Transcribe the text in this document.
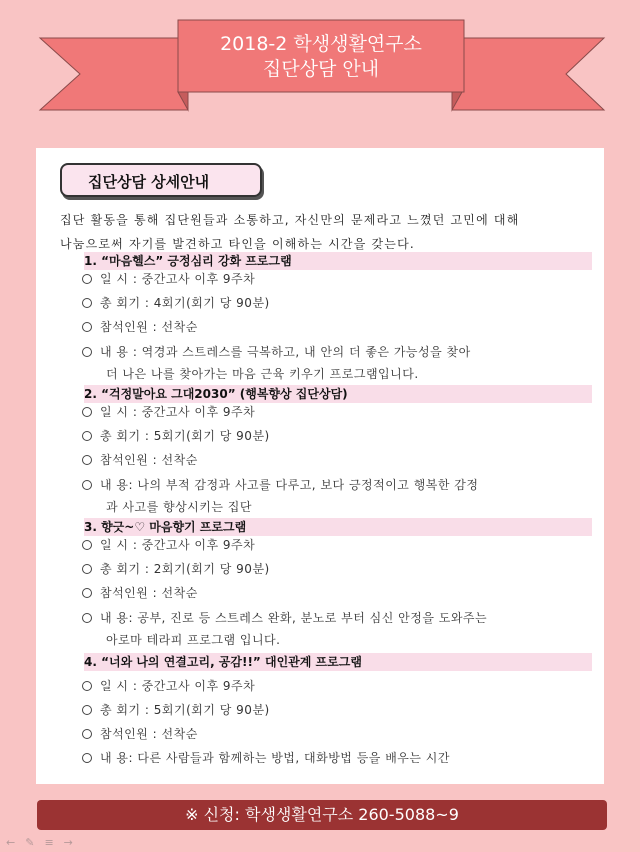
2018-2 학생생활연구소
집단상담 안내
집단상담 상세안내
집단 활동을 통해 집단원들과 소통하고, 자신만의 문제라고 느꼈던 고민에 대해
나눔으로써 자기를 발견하고 타인을 이해하는 시간을 갖는다.
1. “마음헬스” 긍정심리 강화 프로그램
일 시 : 중간고사 이후 9주차
총 회기 : 4회기(회기 당 90분)
참석인원 : 선착순
내 용 : 역경과 스트레스를 극복하고, 내 안의 더 좋은 가능성을 찾아
더 나은 나를 찾아가는 마음 근육 키우기 프로그램입니다.
2. “걱정말아요 그대2030” (행복향상 집단상담)
일 시 : 중간고사 이후 9주차
총 회기 : 5회기(회기 당 90분)
참석인원 : 선착순
내 용: 나의 부적 감정과 사고를 다루고, 보다 긍정적이고 행복한 감정
과 사고를 향상시키는 집단
3. 향긋~♡ 마음향기 프로그램
일 시 : 중간고사 이후 9주차
총 회기 : 2회기(회기 당 90분)
참석인원 : 선착순
내 용: 공부, 진로 등 스트레스 완화, 분노로 부터 심신 안정을 도와주는
아로마 테라피 프로그램 입니다.
4. “너와 나의 연결고리, 공감!!” 대인관계 프로그램
일 시 : 중간고사 이후 9주차
총 회기 : 5회기(회기 당 90분)
참석인원 : 선착순
내 용: 다른 사람들과 함께하는 방법, 대화방법 등을 배우는 시간
※ 신청: 학생생활연구소 260-5088~9
← ✎ ≡ →
